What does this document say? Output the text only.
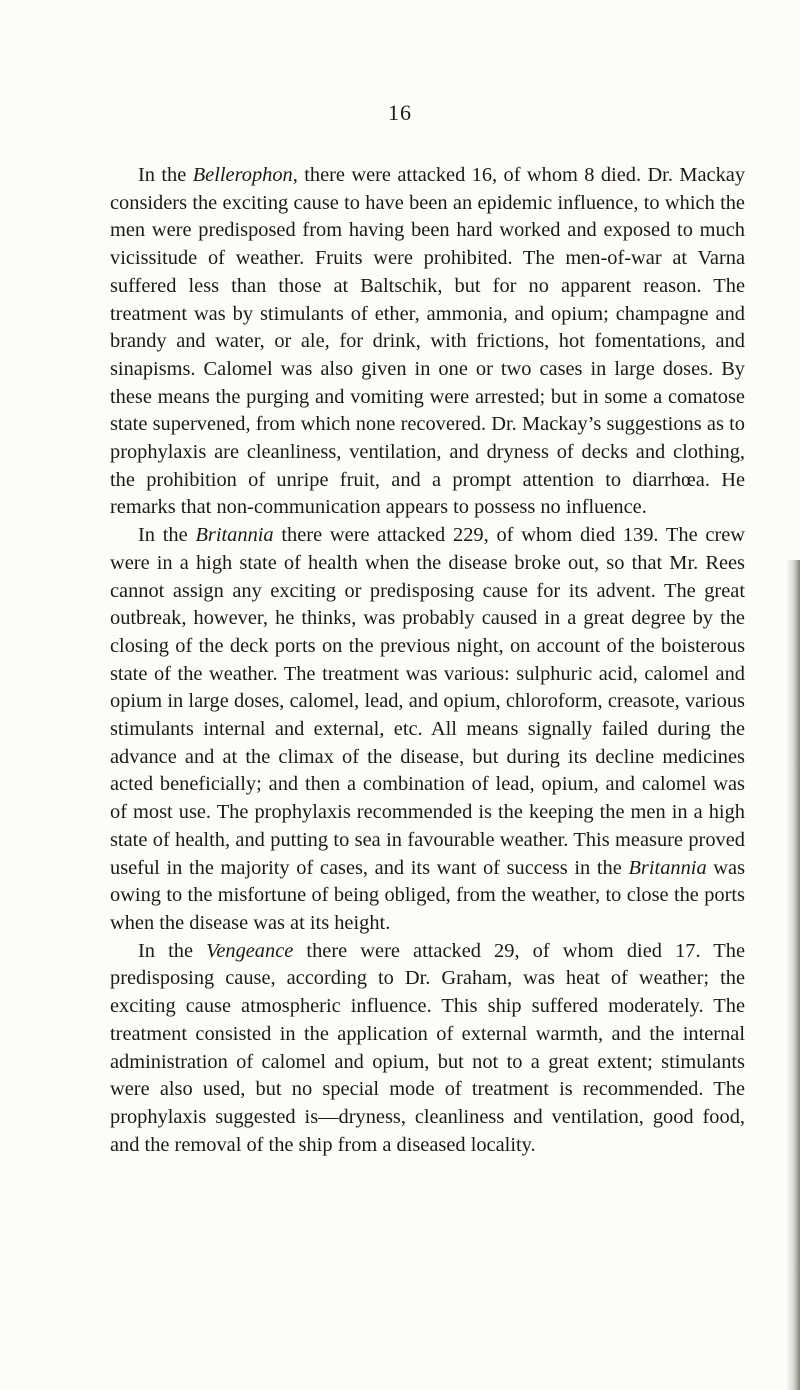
16

In the Bellerophon, there were attacked 16, of whom 8 died. Dr. Mackay considers the exciting cause to have been an epidemic influence, to which the men were predisposed from having been hard worked and exposed to much vicissitude of weather. Fruits were prohibited. The men-of-war at Varna suffered less than those at Baltschik, but for no apparent reason. The treatment was by stimulants of ether, ammonia, and opium; champagne and brandy and water, or ale, for drink, with frictions, hot fomentations, and sinapisms. Calomel was also given in one or two cases in large doses. By these means the purging and vomiting were arrested; but in some a comatose state supervened, from which none recovered. Dr. Mackay’s suggestions as to prophylaxis are cleanliness, ventilation, and dryness of decks and clothing, the prohibition of unripe fruit, and a prompt attention to diarrhœa. He remarks that non-communication appears to possess no influence.

In the Britannia there were attacked 229, of whom died 139. The crew were in a high state of health when the disease broke out, so that Mr. Rees cannot assign any exciting or predisposing cause for its advent. The great outbreak, however, he thinks, was probably caused in a great degree by the closing of the deck ports on the previous night, on account of the boisterous state of the weather. The treatment was various: sulphuric acid, calomel and opium in large doses, calomel, lead, and opium, chloroform, creasote, various stimulants internal and external, etc. All means signally failed during the advance and at the climax of the disease, but during its decline medicines acted beneficially; and then a combination of lead, opium, and calomel was of most use. The prophylaxis recommended is the keeping the men in a high state of health, and putting to sea in favourable weather. This measure proved useful in the majority of cases, and its want of success in the Britannia was owing to the misfortune of being obliged, from the weather, to close the ports when the disease was at its height.

In the Vengeance there were attacked 29, of whom died 17. The predisposing cause, according to Dr. Graham, was heat of weather; the exciting cause atmospheric influence. This ship suffered moderately. The treatment consisted in the application of external warmth, and the internal administration of calomel and opium, but not to a great extent; stimulants were also used, but no special mode of treatment is recommended. The prophylaxis suggested is—dryness, cleanliness and ventilation, good food, and the removal of the ship from a diseased locality.
